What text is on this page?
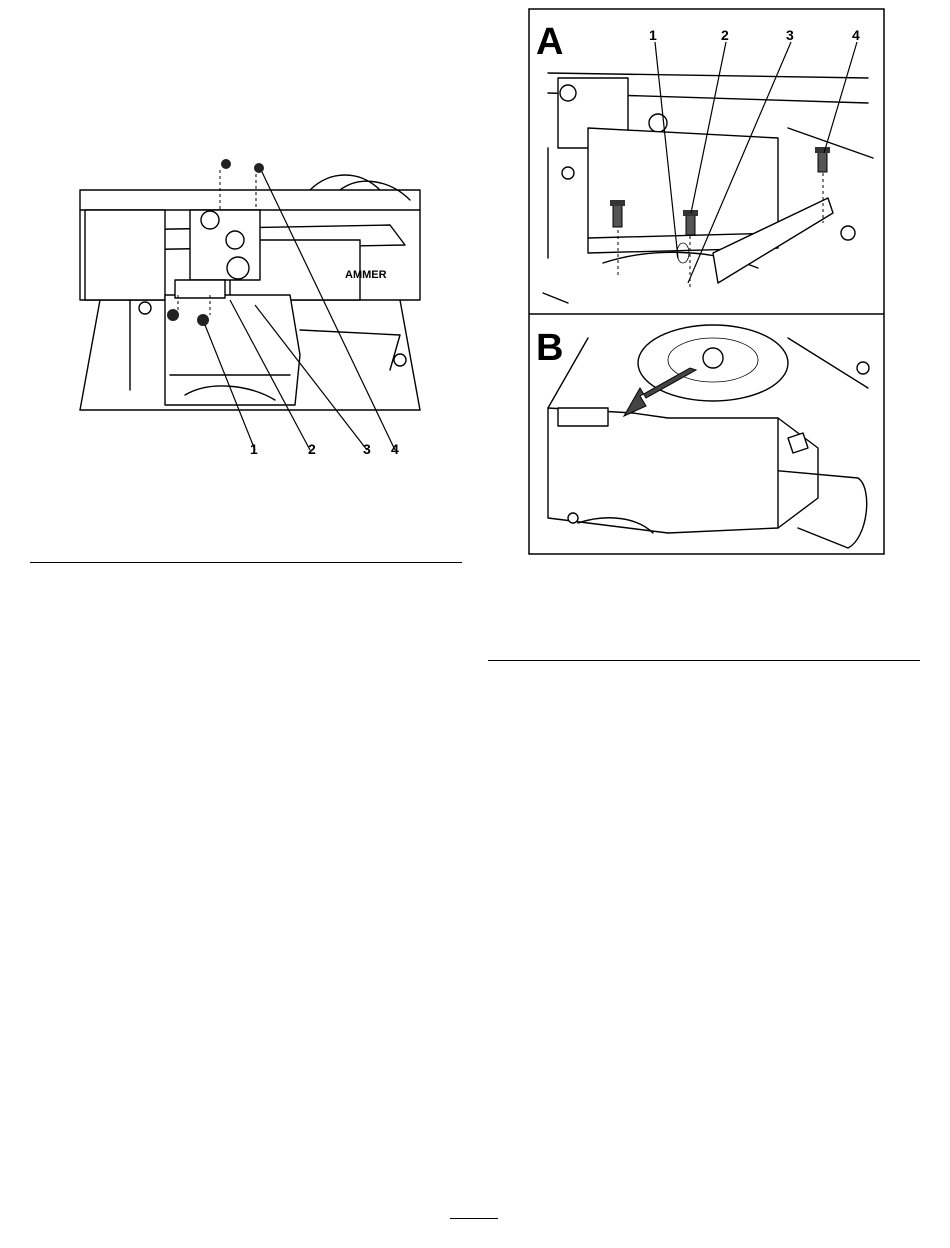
AMMER
1	2	3 4
A	1	2	3	4
B
